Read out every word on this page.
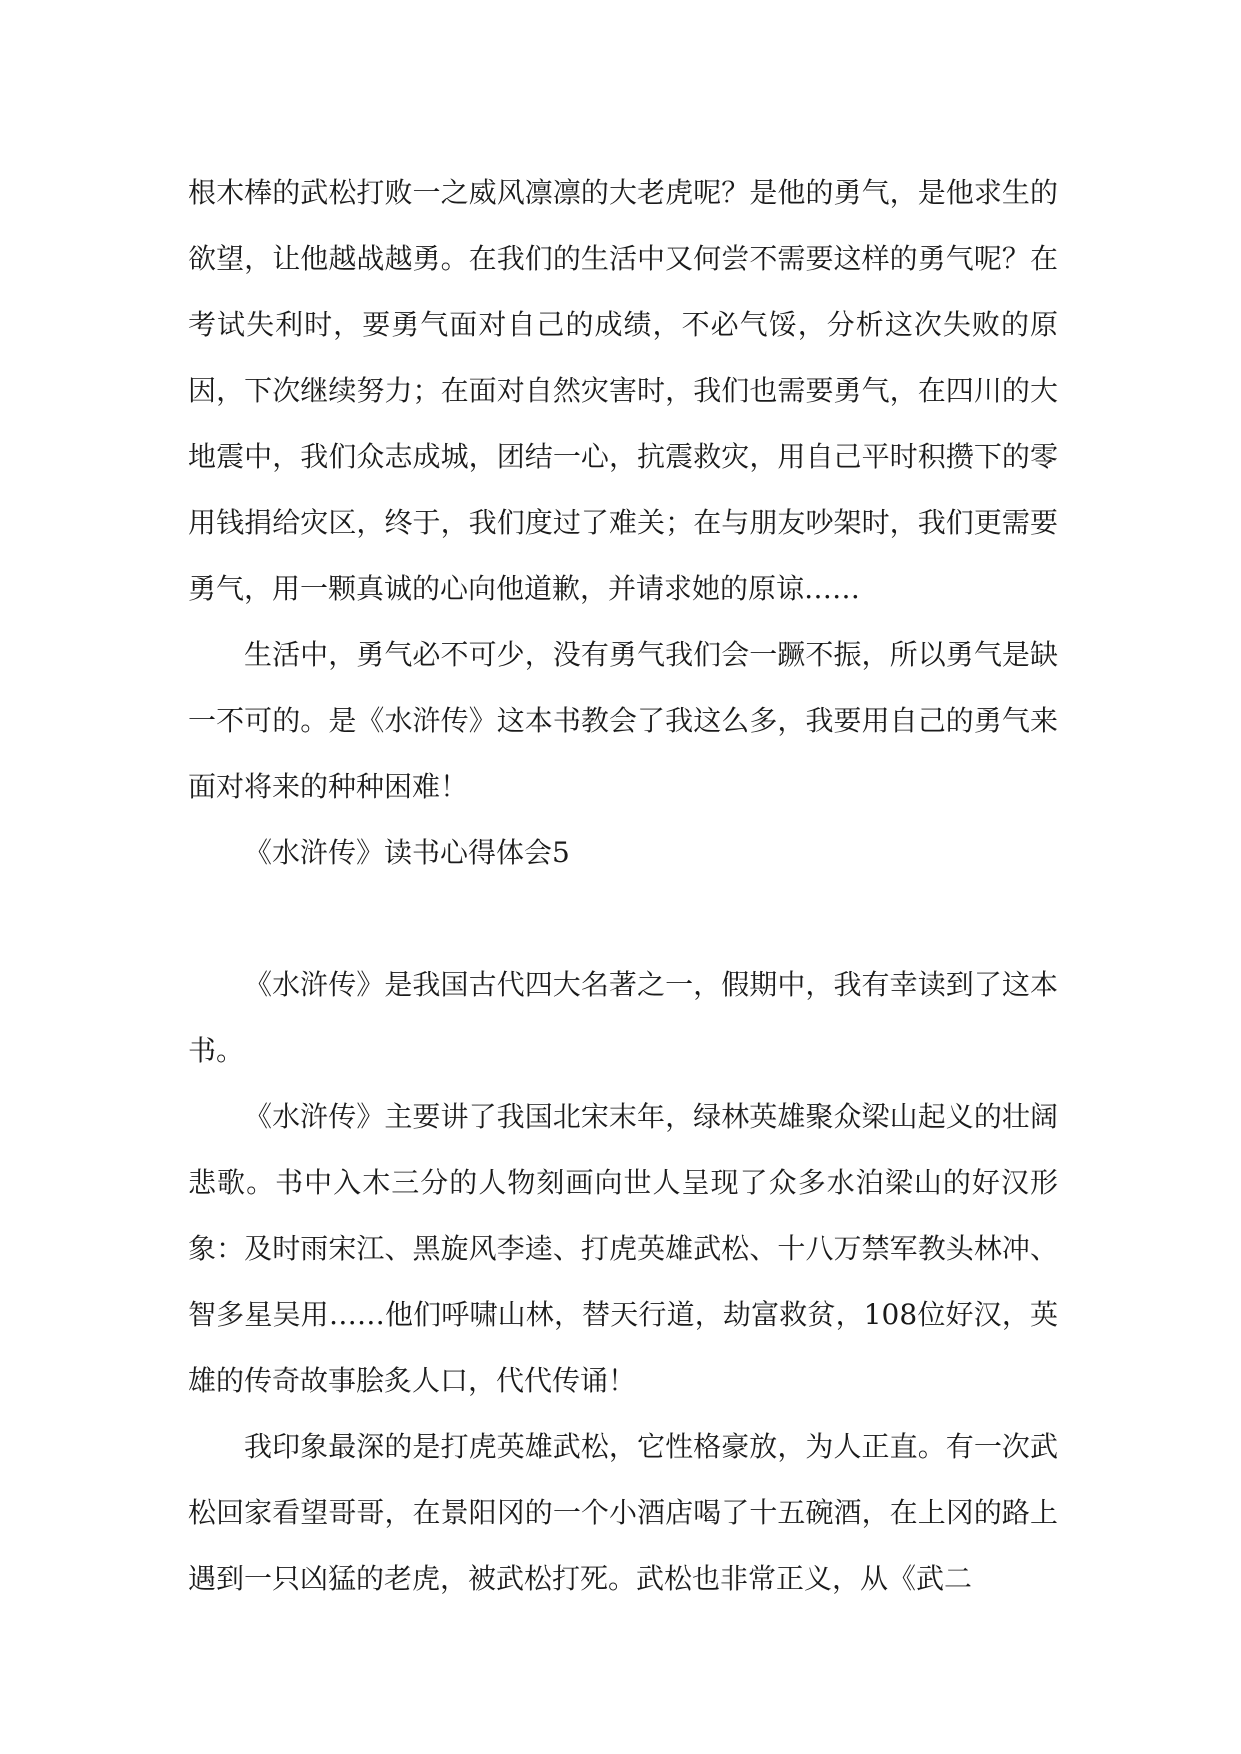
根木棒的武松打败一之威风凛凛的大老虎呢？是他的勇气，是他求生的欲望，让他越战越勇。在我们的生活中又何尝不需要这样的勇气呢？在考试失利时，要勇气面对自己的成绩，不必气馁，分析这次失败的原因，下次继续努力；在面对自然灾害时，我们也需要勇气，在四川的大地震中，我们众志成城，团结一心，抗震救灾，用自己平时积攒下的零用钱捐给灾区，终于，我们度过了难关；在与朋友吵架时，我们更需要勇气，用一颗真诚的心向他道歉，并请求她的原谅……

生活中，勇气必不可少，没有勇气我们会一蹶不振，所以勇气是缺一不可的。是《水浒传》这本书教会了我这么多，我要用自己的勇气来面对将来的种种困难！

《水浒传》读书心得体会5

《水浒传》是我国古代四大名著之一，假期中，我有幸读到了这本书。

《水浒传》主要讲了我国北宋末年，绿林英雄聚众梁山起义的壮阔悲歌。书中入木三分的人物刻画向世人呈现了众多水泊梁山的好汉形象：及时雨宋江、黑旋风李逵、打虎英雄武松、十八万禁军教头林冲、智多星吴用……他们呼啸山林，替天行道，劫富救贫，108位好汉，英雄的传奇故事脍炙人口，代代传诵！

我印象最深的是打虎英雄武松，它性格豪放，为人正直。有一次武松回家看望哥哥，在景阳冈的一个小酒店喝了十五碗酒，在上冈的路上遇到一只凶猛的老虎，被武松打死。武松也非常正义，从《武二
